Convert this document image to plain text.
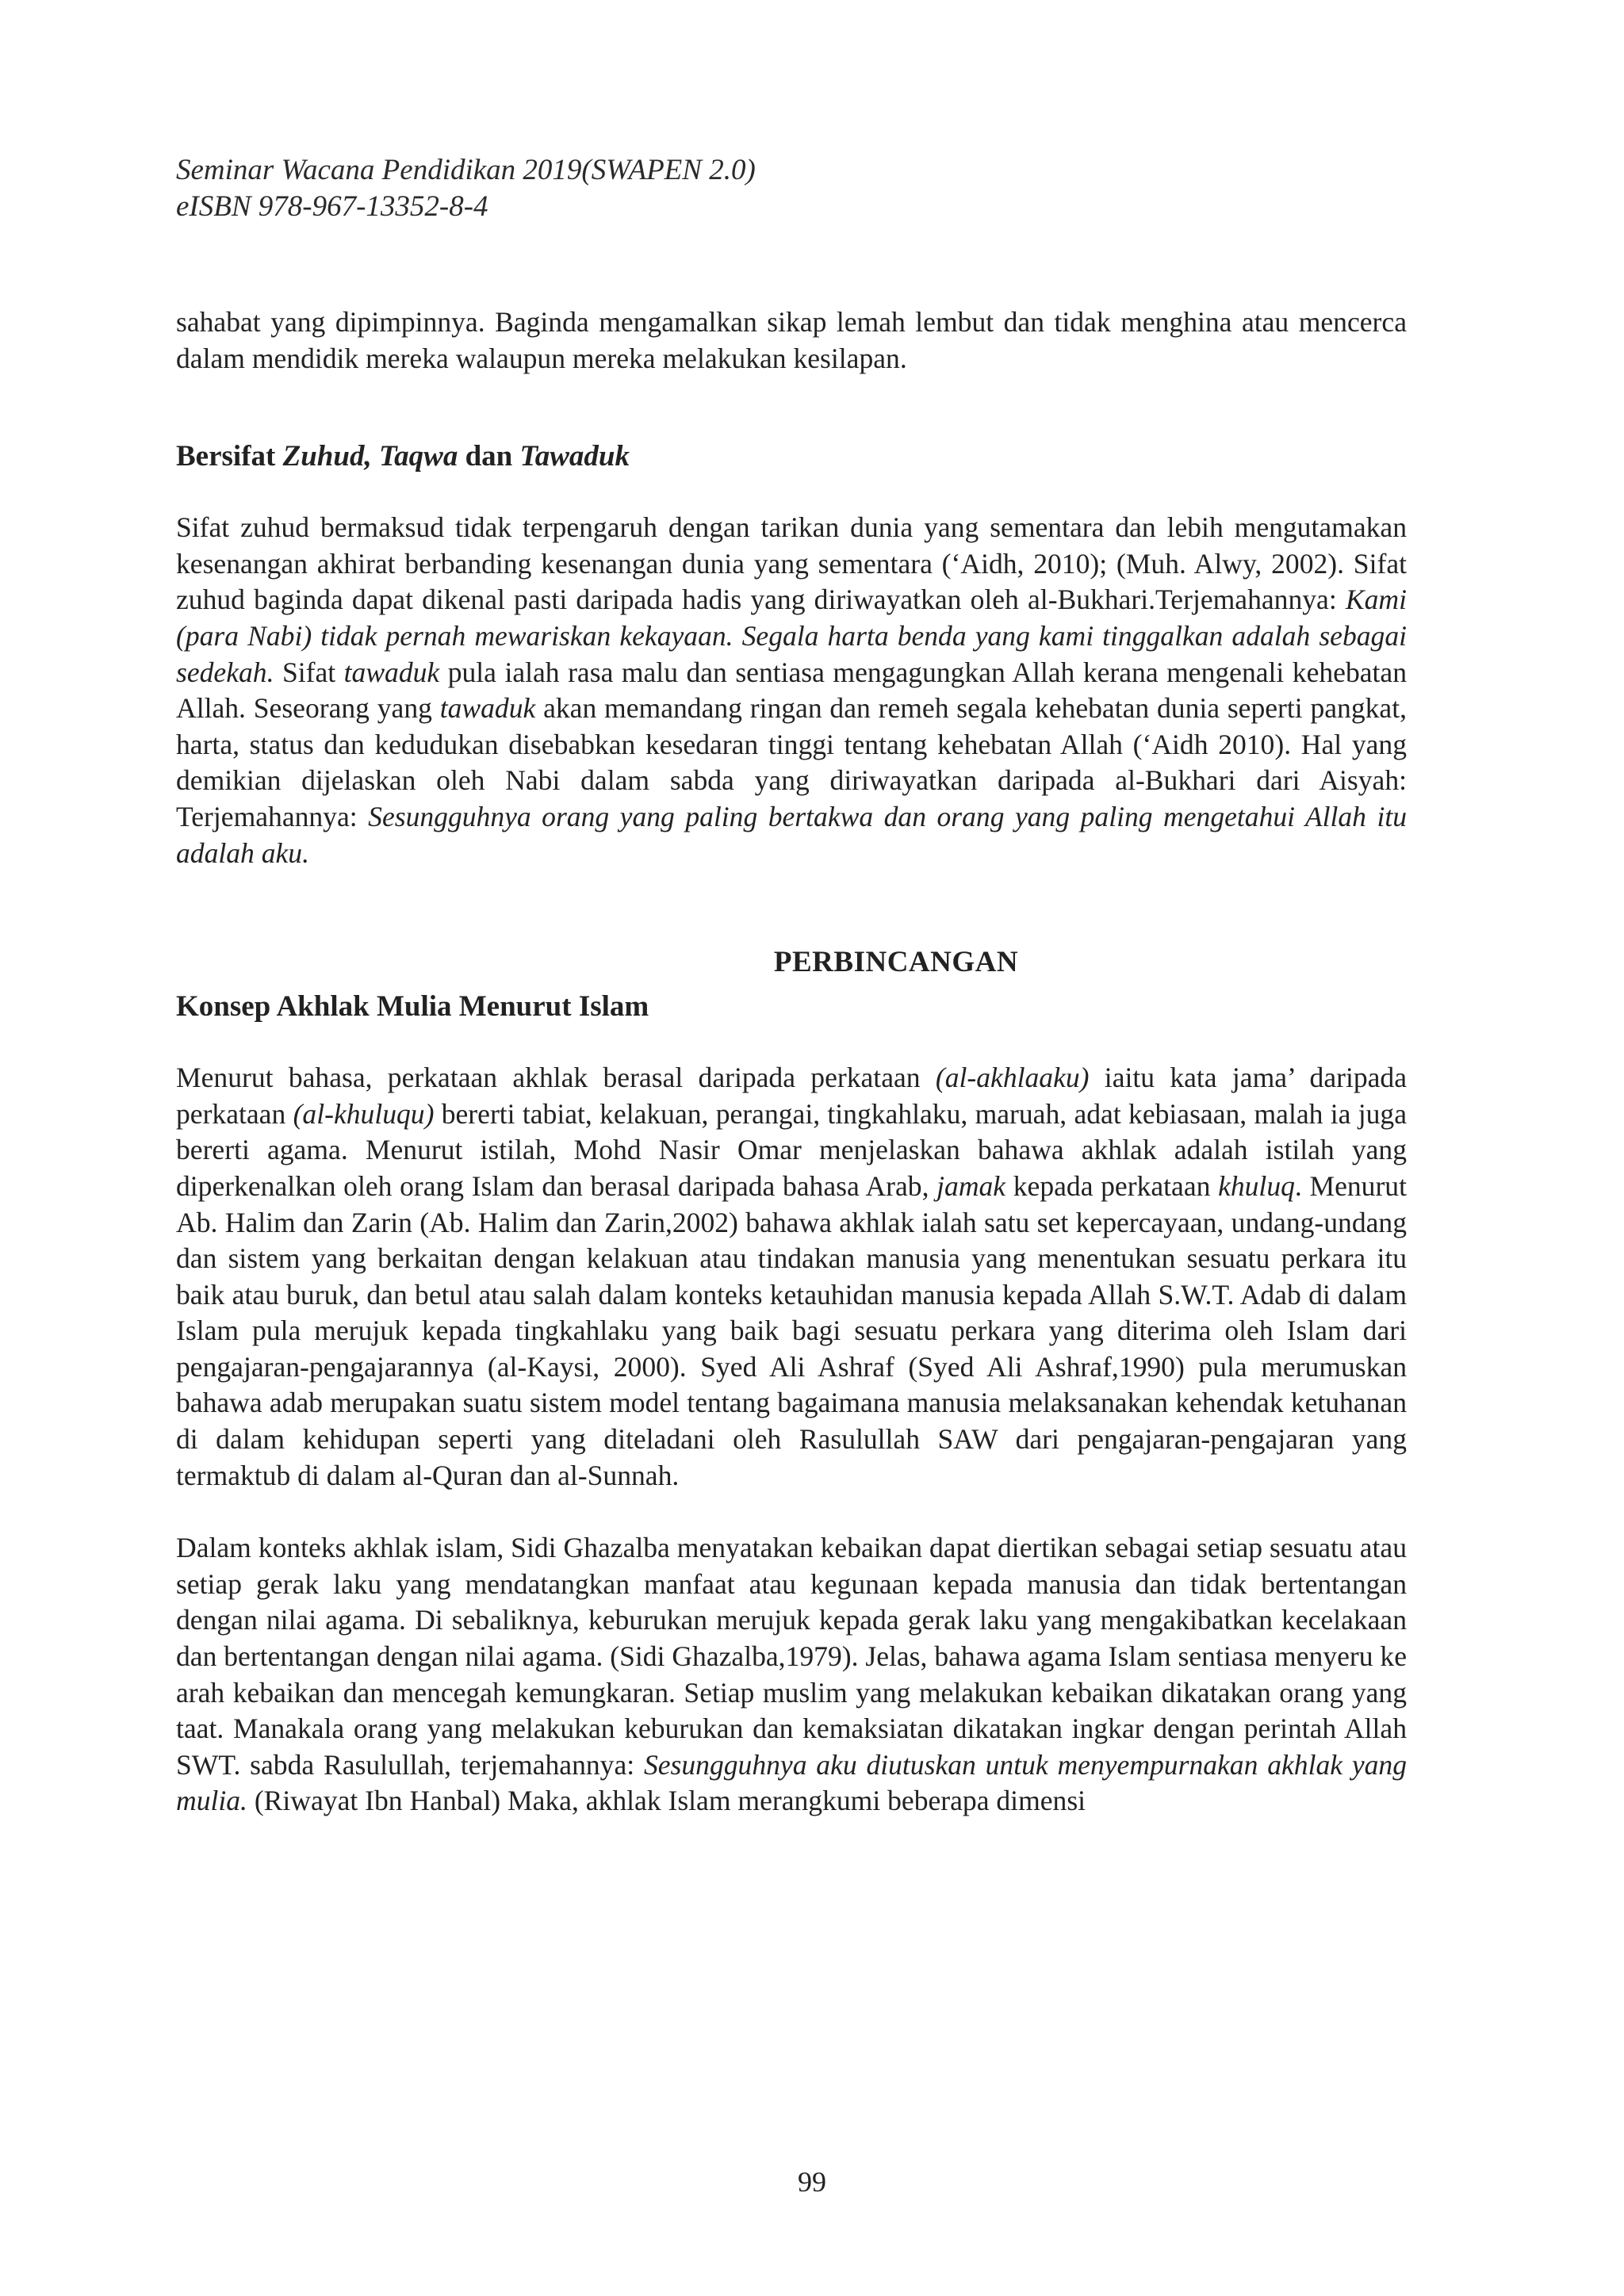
Seminar Wacana Pendidikan 2019(SWAPEN 2.0)
eISBN 978-967-13352-8-4

sahabat yang dipimpinnya. Baginda mengamalkan sikap lemah lembut dan tidak menghina atau mencerca dalam mendidik mereka walaupun mereka melakukan kesilapan.

Bersifat Zuhud, Taqwa dan Tawaduk

Sifat zuhud bermaksud tidak terpengaruh dengan tarikan dunia yang sementara dan lebih mengutamakan kesenangan akhirat berbanding kesenangan dunia yang sementara (‘Aidh, 2010); (Muh. Alwy, 2002). Sifat zuhud baginda dapat dikenal pasti daripada hadis yang diriwayatkan oleh al-Bukhari.Terjemahannya: Kami (para Nabi) tidak pernah mewariskan kekayaan. Segala harta benda yang kami tinggalkan adalah sebagai sedekah. Sifat tawaduk pula ialah rasa malu dan sentiasa mengagungkan Allah kerana mengenali kehebatan Allah. Seseorang yang tawaduk akan memandang ringan dan remeh segala kehebatan dunia seperti pangkat, harta, status dan kedudukan disebabkan kesedaran tinggi tentang kehebatan Allah (‘Aidh 2010). Hal yang demikian dijelaskan oleh Nabi dalam sabda yang diriwayatkan daripada al-Bukhari dari Aisyah: Terjemahannya: Sesungguhnya orang yang paling bertakwa dan orang yang paling mengetahui Allah itu adalah aku.

PERBINCANGAN
Konsep Akhlak Mulia Menurut Islam

Menurut bahasa, perkataan akhlak berasal daripada perkataan (al-akhlaaku) iaitu kata jama’ daripada perkataan (al-khuluqu) bererti tabiat, kelakuan, perangai, tingkahlaku, maruah, adat kebiasaan, malah ia juga bererti agama. Menurut istilah, Mohd Nasir Omar menjelaskan bahawa akhlak adalah istilah yang diperkenalkan oleh orang Islam dan berasal daripada bahasa Arab, jamak kepada perkataan khuluq. Menurut Ab. Halim dan Zarin (Ab. Halim dan Zarin,2002) bahawa akhlak ialah satu set kepercayaan, undang-undang dan sistem yang berkaitan dengan kelakuan atau tindakan manusia yang menentukan sesuatu perkara itu baik atau buruk, dan betul atau salah dalam konteks ketauhidan manusia kepada Allah S.W.T. Adab di dalam Islam pula merujuk kepada tingkahlaku yang baik bagi sesuatu perkara yang diterima oleh Islam dari pengajaran-pengajarannya (al-Kaysi, 2000). Syed Ali Ashraf (Syed Ali Ashraf,1990) pula merumuskan bahawa adab merupakan suatu sistem model tentang bagaimana manusia melaksanakan kehendak ketuhanan di dalam kehidupan seperti yang diteladani oleh Rasulullah SAW dari pengajaran-pengajaran yang termaktub di dalam al-Quran dan al-Sunnah.

Dalam konteks akhlak islam, Sidi Ghazalba menyatakan kebaikan dapat diertikan sebagai setiap sesuatu atau setiap gerak laku yang mendatangkan manfaat atau kegunaan kepada manusia dan tidak bertentangan dengan nilai agama. Di sebaliknya, keburukan merujuk kepada gerak laku yang mengakibatkan kecelakaan dan bertentangan dengan nilai agama. (Sidi Ghazalba,1979). Jelas, bahawa agama Islam sentiasa menyeru ke arah kebaikan dan mencegah kemungkaran. Setiap muslim yang melakukan kebaikan dikatakan orang yang taat. Manakala orang yang melakukan keburukan dan kemaksiatan dikatakan ingkar dengan perintah Allah SWT. sabda Rasulullah, terjemahannya: Sesungguhnya aku diutuskan untuk menyempurnakan akhlak yang mulia. (Riwayat Ibn Hanbal) Maka, akhlak Islam merangkumi beberapa dimensi

99
